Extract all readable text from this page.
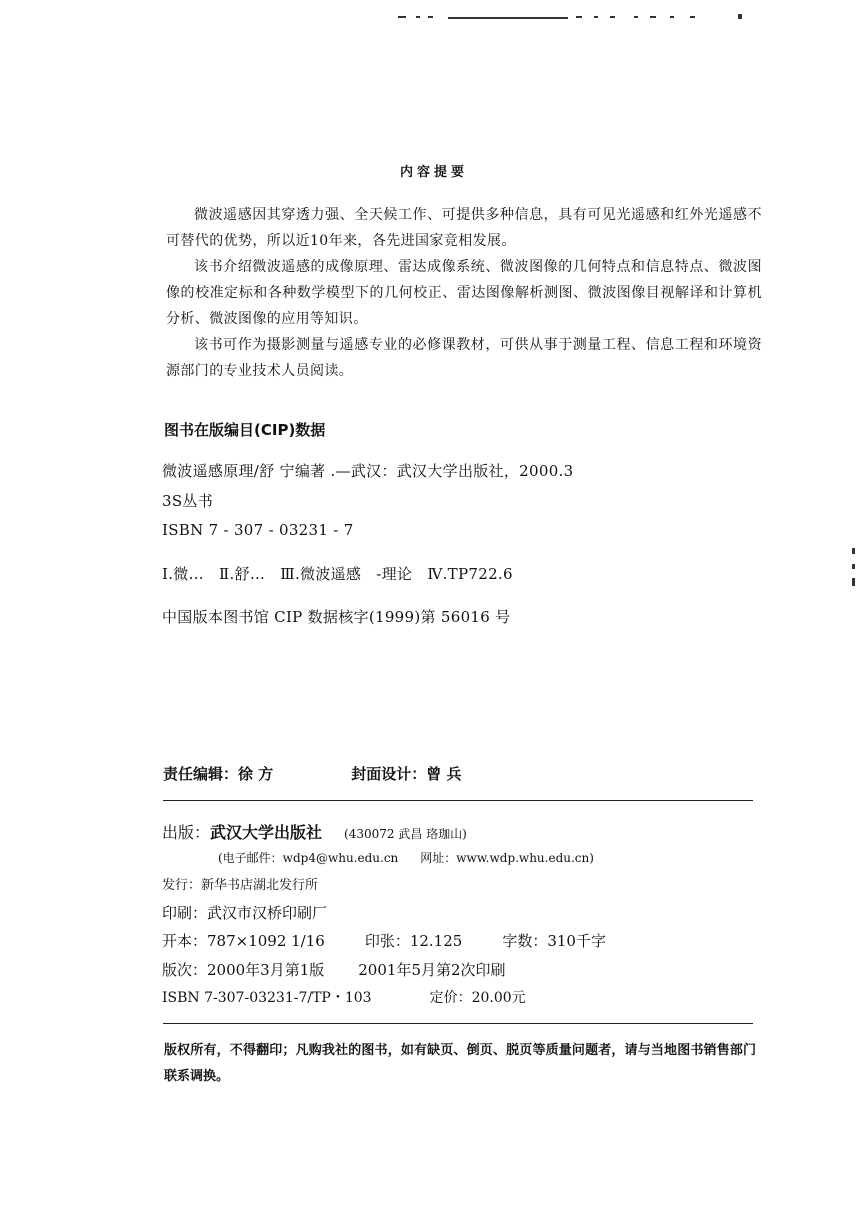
内容提要

微波遥感因其穿透力强、全天候工作、可提供多种信息，具有可见光遥感和红外光遥感不可替代的优势，所以近10年来，各先进国家竞相发展。

该书介绍微波遥感的成像原理、雷达成像系统、微波图像的几何特点和信息特点、微波图像的校准定标和各种数学模型下的几何校正、雷达图像解析测图、微波图像目视解译和计算机分析、微波图像的应用等知识。

该书可作为摄影测量与遥感专业的必修课教材，可供从事于测量工程、信息工程和环境资源部门的专业技术人员阅读。

图书在版编目(CIP)数据
微波遥感原理/舒 宁编著 .—武汉：武汉大学出版社，2000.3
3S丛书
ISBN 7 - 307 - 03231 - 7
Ⅰ.微… Ⅱ.舒… Ⅲ.微波遥感 -理论 Ⅳ.TP722.6
中国版本图书馆 CIP 数据核字(1999)第 56016 号
责任编辑：徐 方	封面设计：曾 兵
出版：武汉大学出版社 (430072 武昌 珞珈山)
(电子邮件：wdp4@whu.edu.cn 网址：www.wdp.whu.edu.cn)
发行：新华书店湖北发行所
印刷：武汉市汉桥印刷厂
开本：787×1092 1/16	印张：12.125	字数：310千字
版次：2000年3月第1版 2001年5月第2次印刷
ISBN 7-307-03231-7/TP・103	定价：20.00元
版权所有，不得翻印；凡购我社的图书，如有缺页、倒页、脱页等质量问题者，请与当地图书销售部门联系调换。
